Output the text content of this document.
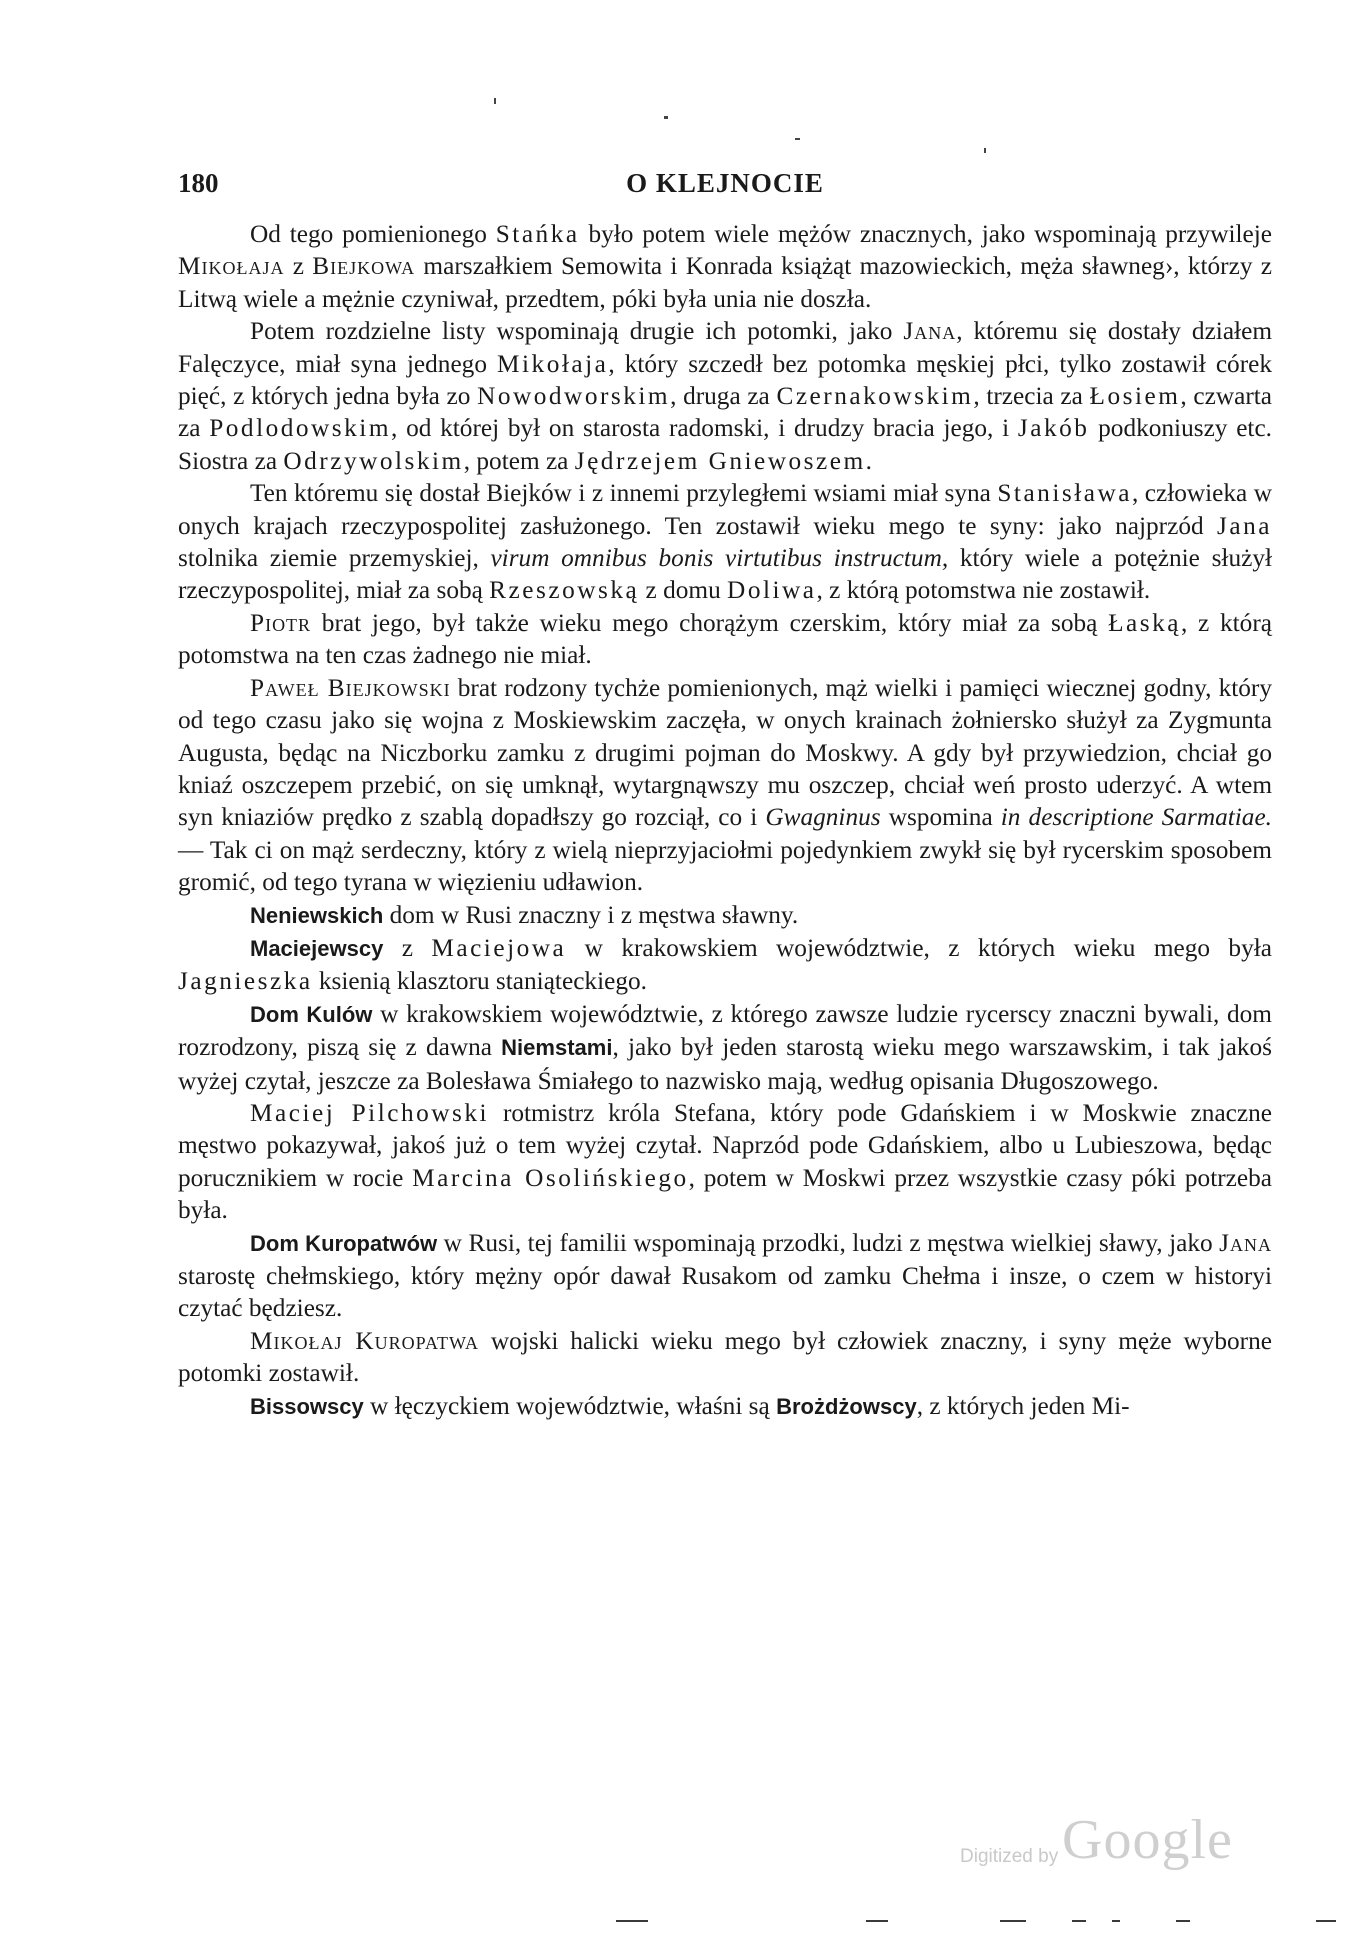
180	O KLEJNOCIE

Od tego pomienionego Stańka było potem wiele mężów znacznych, jako wspominają przywileje Mikołaja z Biejkowa marszałkiem Semowita i Konrada książąt mazowieckich, męża sławneg›, którzy z Litwą wiele a mężnie czyniwał, przedtem, póki była unia nie doszła.

Potem rozdzielne listy wspominają drugie ich potomki, jako Jana, któremu się dostały działem Falęczyce, miał syna jednego Mikołaja, który szczedł bez potomka męskiej płci, tylko zostawił córek pięć, z których jedna była zo Nowodworskim, druga za Czernakowskim, trzecia za Łosiem, czwarta za Podlodowskim, od której był on starosta radomski, i drudzy bracia jego, i Jakób podkoniuszy etc. Siostra za Odrzywolskim, potem za Jędrzejem Gniewoszem.

Ten któremu się dostał Biejków i z innemi przyległemi wsiami miał syna Stanisława, człowieka w onych krajach rzeczypospolitej zasłużonego. Ten zostawił wieku mego te syny: jako najprzód Jana stolnika ziemie przemyskiej, virum omnibus bonis virtutibus instructum, który wiele a potężnie służył rzeczypospolitej, miał za sobą Rzeszowską z domu Doliwa, z którą potomstwa nie zostawił.

Piotr brat jego, był także wieku mego chorążym czerskim, który miał za sobą Łaską, z którą potomstwa na ten czas żadnego nie miał.

Paweł Biejkowski brat rodzony tychże pomienionych, mąż wielki i pamięci wiecznej godny, który od tego czasu jako się wojna z Moskiewskim zaczęła, w onych krainach żołniersko służył za Zygmunta Augusta, będąc na Niczborku zamku z drugimi pojman do Moskwy. A gdy był przywiedzion, chciał go kniaź oszczepem przebić, on się umknął, wytargnąwszy mu oszczep, chciał weń prosto uderzyć. A wtem syn kniaziów prędko z szablą dopadłszy go rozciął, co i Gwagninus wspomina in descriptione Sarmatiae. — Tak ci on mąż serdeczny, który z wielą nieprzyjaciołmi pojedynkiem zwykł się był rycerskim sposobem gromić, od tego tyrana w więzieniu udławion.

Neniewskich dom w Rusi znaczny i z męstwa sławny.

Maciejewscy z Maciejowa w krakowskiem województwie, z których wieku mego była Jagnieszka ksienią klasztoru staniąteckiego.

Dom Kulów w krakowskiem województwie, z którego zawsze ludzie rycerscy znaczni bywali, dom rozrodzony, piszą się z dawna Niemstami, jako był jeden starostą wieku mego warszawskim, i tak jakoś wyżej czytał, jeszcze za Bolesława Śmiałego to nazwisko mają, według opisania Długoszowego.

Maciej Pilchowski rotmistrz króla Stefana, który pode Gdańskiem i w Moskwie znaczne męstwo pokazywał, jakoś już o tem wyżej czytał. Naprzód pode Gdańskiem, albo u Lubieszowa, będąc porucznikiem w rocie Marcina Osolińskiego, potem w Moskwi przez wszystkie czasy póki potrzeba była.

Dom Kuropatwów w Rusi, tej familii wspominają przodki, ludzi z męstwa wielkiej sławy, jako Jana starostę chełmskiego, który mężny opór dawał Rusakom od zamku Chełma i insze, o czem w historyi czytać będziesz.

Mikołaj Kuropatwa wojski halicki wieku mego był człowiek znaczny, i syny męże wyborne potomki zostawił.

Bissowscy w łęczyckiem województwie, właśni są Brożdżowscy, z których jeden Mi-

Digitized by Google
